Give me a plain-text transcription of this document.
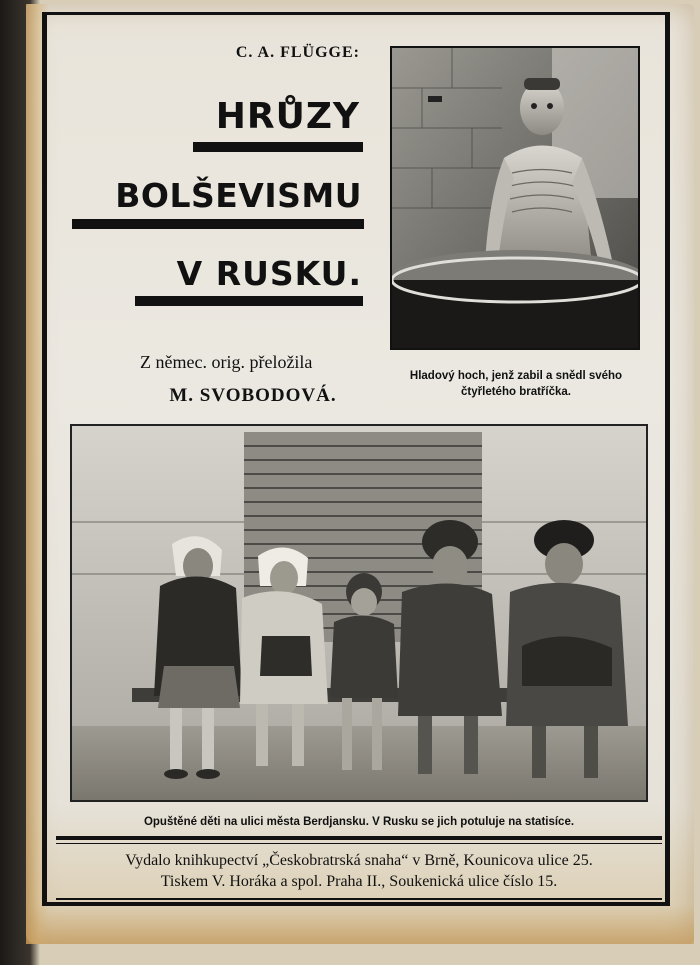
C. A. FLÜGGE:
HRŮZY
BOLŠEVISMU
V RUSKU.
Z němec. orig. přeložila
M. SVOBODOVÁ.
Hladový hoch, jenž zabil a snědl svého čtyřletého bratříčka.
Opuštěné děti na ulici města Berdjansku. V Rusku se jich potuluje na statisíce.
Vydalo knihkupectví „Českobratrská snaha“ v Brně, Kounicova ulice 25.
Tiskem V. Horáka a spol. Praha II., Soukenická ulice číslo 15.
